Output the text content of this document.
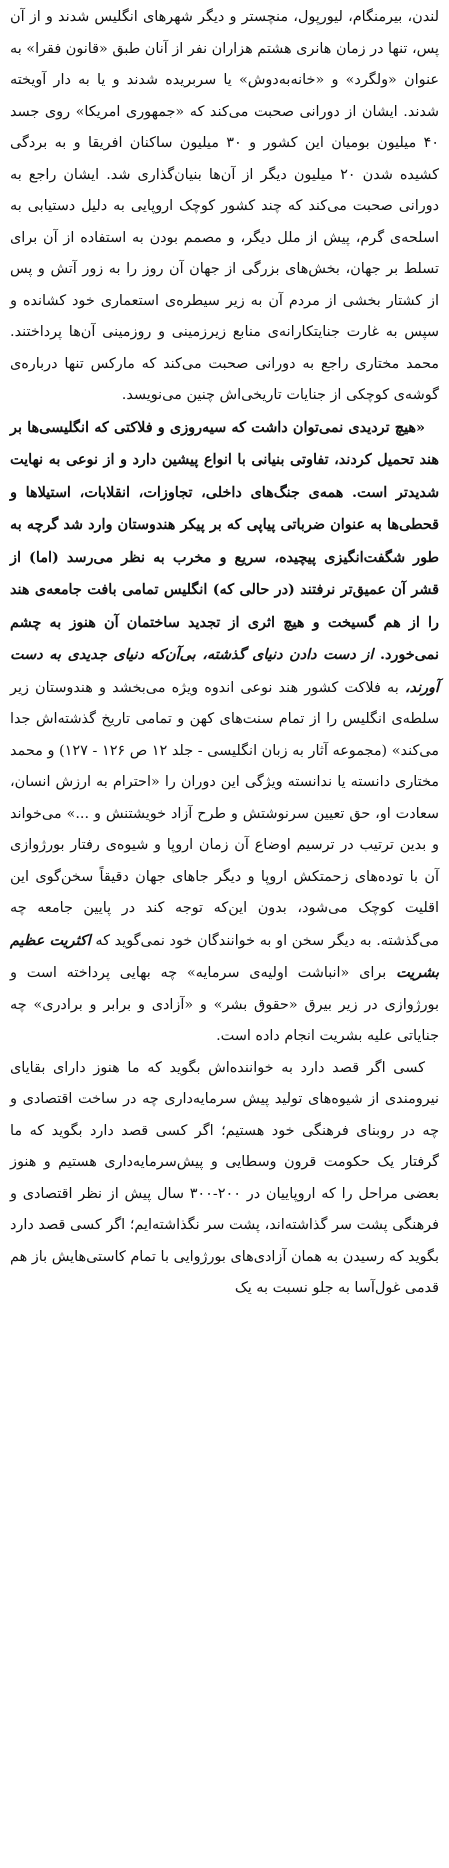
لندن، بیرمنگام، لیورپول، منچستر و دیگر شهرهای انگلیس شدند و از آن پس، تنها در زمان هانری هشتم هزاران نفر از آنان طبق «قانون فقرا» به عنوان «ولگرد» و «خانه‌به‌دوش» یا سربریده شدند و یا به دار آویخته شدند. ایشان از دورانی صحبت می‌کند که «جمهوری امریکا» روی جسد ۴۰ میلیون بومیان این کشور و ۳۰ میلیون ساکنان افریقا و به بردگی کشیده شدن ۲۰ میلیون دیگر از آن‌ها بنیان‌گذاری شد. ایشان راجع به دورانی صحبت می‌کند که چند کشور کوچک اروپایی به دلیل دستیابی به اسلحه‌ی گرم، پیش از ملل دیگر، و مصمم بودن به استفاده از آن برای تسلط بر جهان، بخش‌های بزرگی از جهان آن روز را به زور آتش و پس از کشتار بخشی از مردم آن به زیر سیطره‌ی استعماری خود کشانده و سپس به غارت جنایتکارانه‌ی منابع زیرزمینی و روزمینی آن‌ها پرداختند. محمد مختاری راجع به دورانی صحبت می‌کند که مارکس تنها درباره‌ی گوشه‌ی کوچکی از جنایات تاریخی‌اش چنین می‌نویسد.

«هیچ تردیدی نمی‌توان داشت که سیه‌روزی و فلاکتی که انگلیسی‌ها بر هند تحمیل کردند، تفاوتی بنیانی با انواع پیشین دارد و از نوعی به نهایت شدیدتر است. همه‌ی جنگ‌های داخلی، تجاوزات، انقلابات، استیلاها و قحطی‌ها به عنوان ضرباتی پیاپی که بر پیکر هندوستان وارد شد گرچه به طور شگفت‌انگیزی پیچیده، سریع و مخرب به نظر می‌رسد (اما) از قشر آن عمیق‌تر نرفتند (در حالی که) انگلیس تمامی بافت جامعه‌ی هند را از هم گسیخت و هیچ اثری از تجدید ساختمان آن هنوز به چشم نمی‌خورد. از دست دادن دنیای گذشته، بی‌آن‌که دنیای جدیدی به دست آورند، به فلاکت کشور هند نوعی اندوه ویژه می‌بخشد و هندوستان زیر سلطه‌ی انگلیس را از تمام سنت‌های کهن و تمامی تاریخ گذشته‌اش جدا می‌کند» (مجموعه آثار به زبان انگلیسی - جلد ۱۲ ص ۱۲۶ - ۱۲۷) و محمد مختاری دانسته یا ندانسته ویژگی این دوران را «احترام به ارزش انسان، سعادت او، حق تعیین سرنوشتش و طرح آزاد خویشتنش و ...» می‌خواند و بدین ترتیب در ترسیم اوضاع آن زمان اروپا و شیوه‌ی رفتار بورژوازی آن با توده‌های زحمتکش اروپا و دیگر جاهای جهان دقیقاً سخن‌گوی این اقلیت کوچک می‌شود، بدون این‌که توجه کند در پایین جامعه چه می‌گذشته. به دیگر سخن او به خوانندگان خود نمی‌گوید که اکثریت عظیم بشریت برای «انباشت اولیه‌ی سرمایه» چه بهایی پرداخته است و بورژوازی در زیر بیرق «حقوق بشر» و «آزادی و برابر و برادری» چه جنایاتی علیه بشریت انجام داده است.

کسی اگر قصد دارد به خواننده‌اش بگوید که ما هنوز دارای بقایای نیرومندی از شیوه‌های تولید پیش سرمایه‌داری چه در ساخت اقتصادی و چه در روبنای فرهنگی خود هستیم؛ اگر کسی قصد دارد بگوید که ما گرفتار یک حکومت قرون وسطایی و پیش‌سرمایه‌داری هستیم و هنوز بعضی مراحل را که اروپاییان در ۲۰۰-۳۰۰ سال پیش از نظر اقتصادی و فرهنگی پشت سر گذاشته‌اند، پشت سر نگذاشته‌ایم؛ اگر کسی قصد دارد بگوید که رسیدن به همان آزادی‌های بورژوایی با تمام کاستی‌هایش باز هم قدمی غول‌آسا به جلو نسبت به یک
